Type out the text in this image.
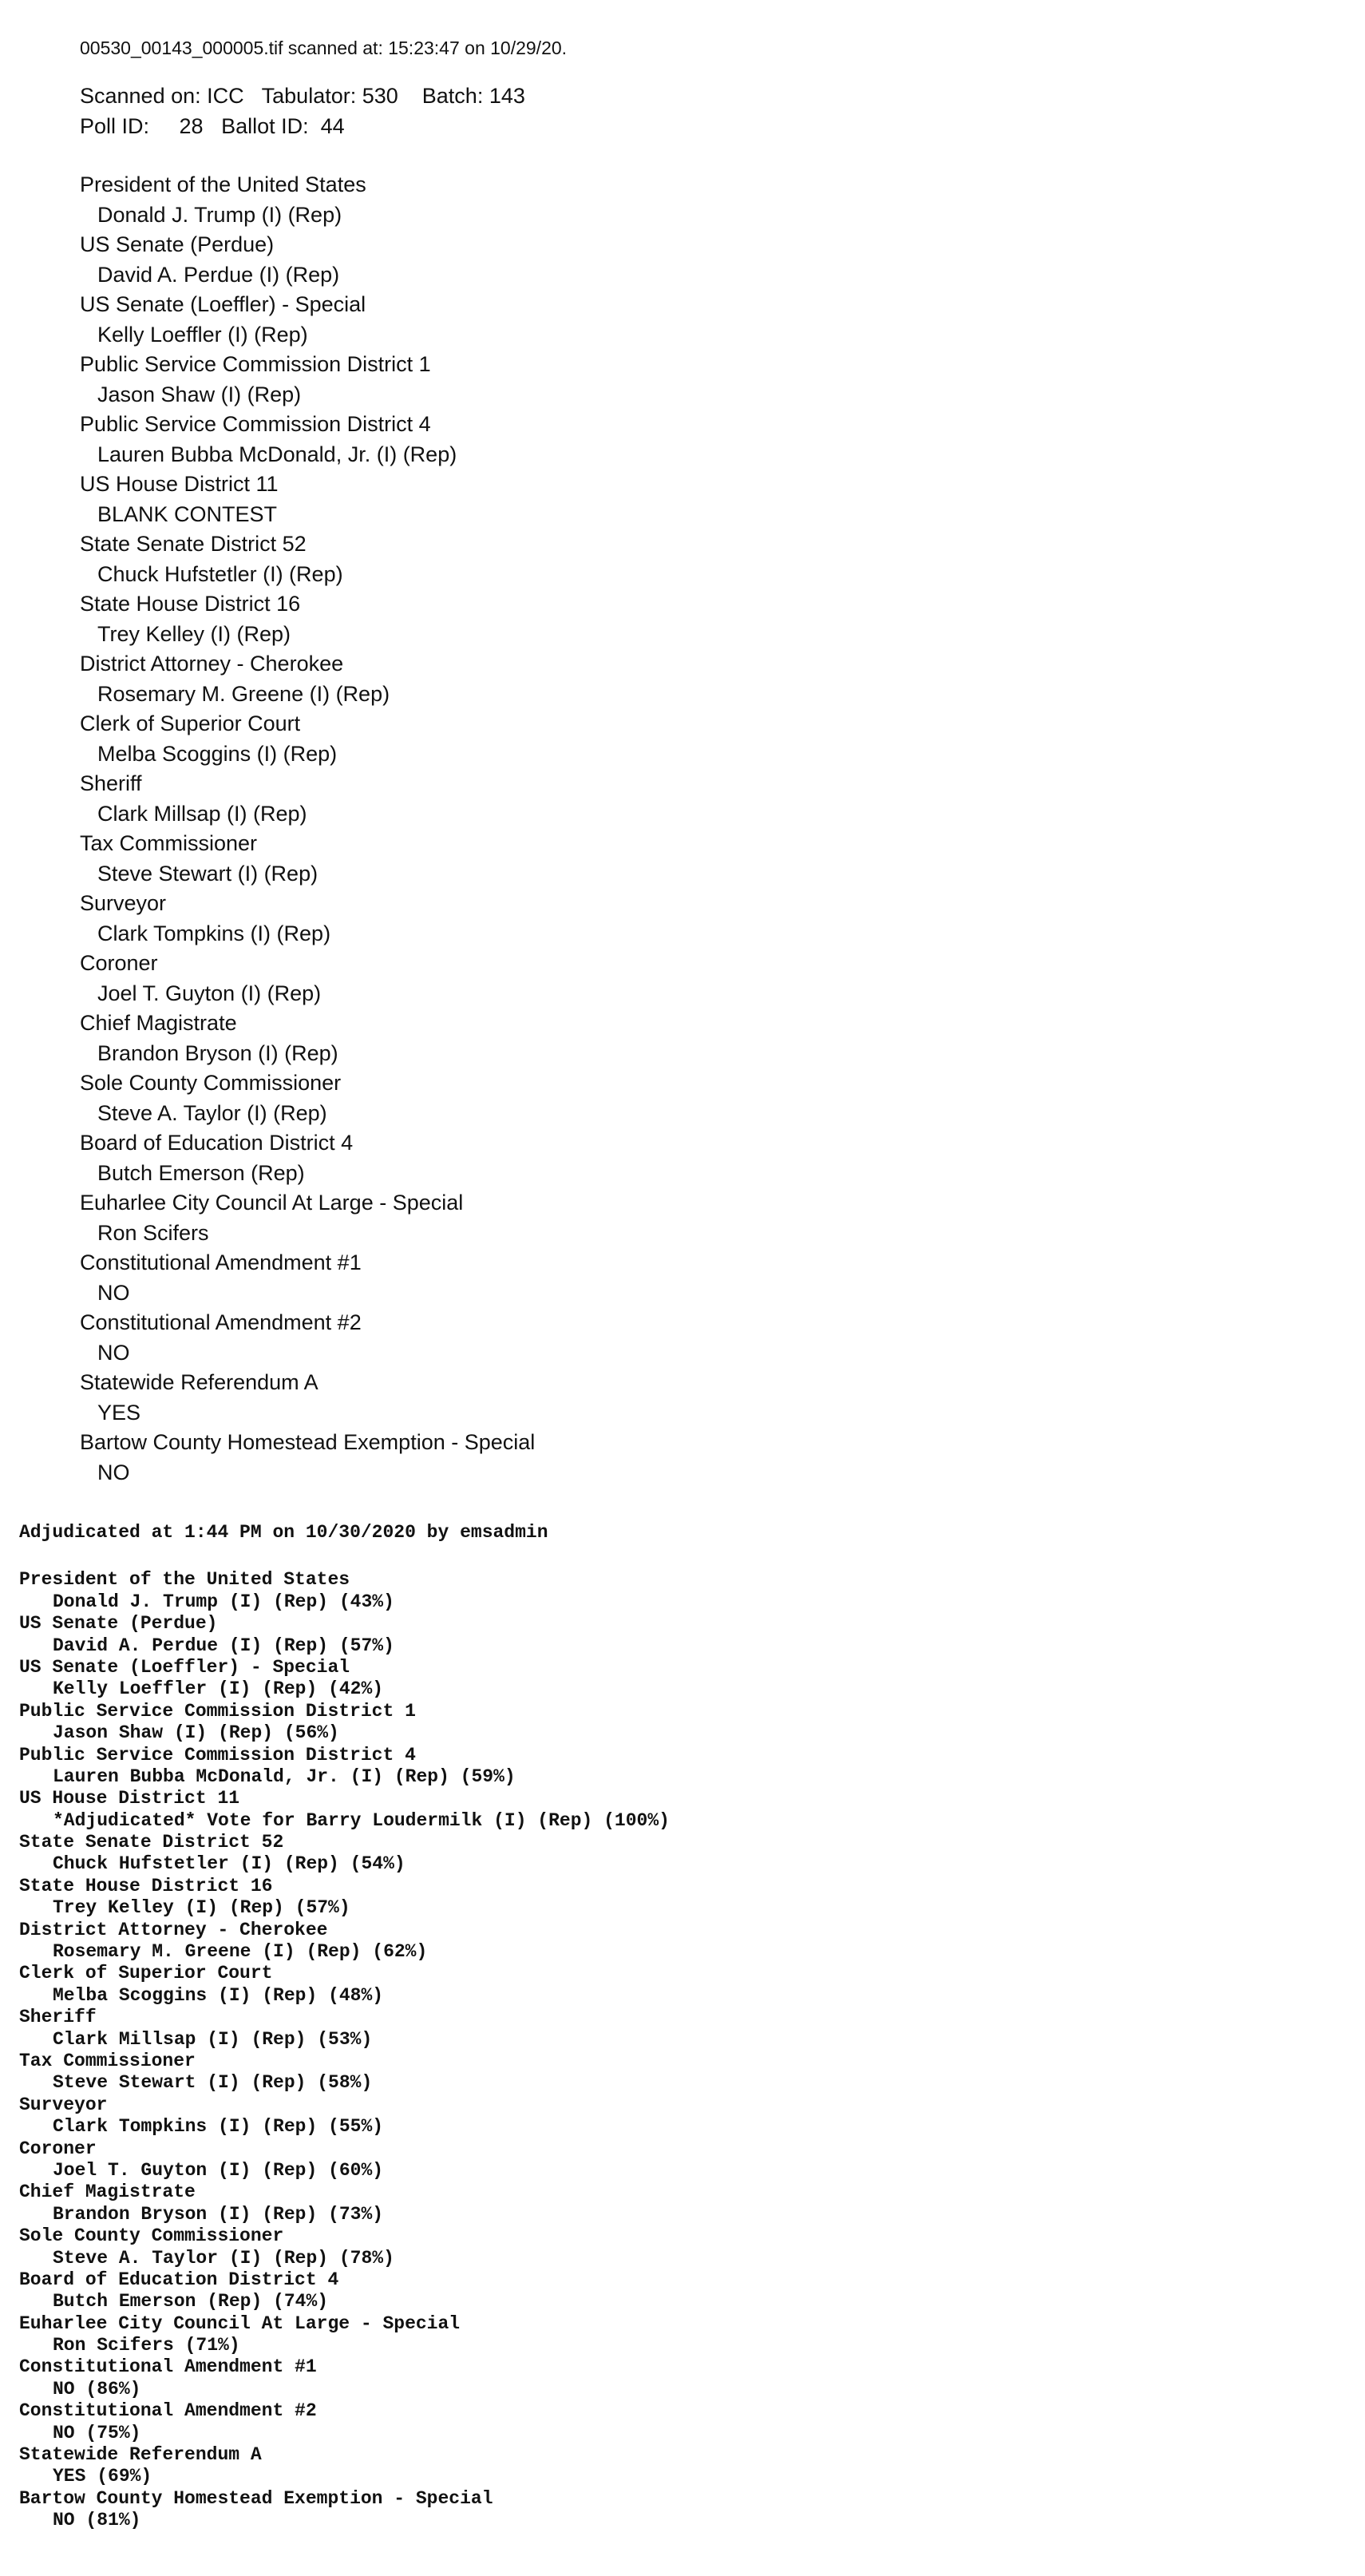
00530_00143_000005.tif scanned at: 15:23:47 on 10/29/20.
Scanned on: ICC   Tabulator: 530    Batch: 143
Poll ID:     28   Ballot ID:  44
President of the United States
Donald J. Trump (I) (Rep)
US Senate (Perdue)
David A. Perdue (I) (Rep)
US Senate (Loeffler) - Special
Kelly Loeffler (I) (Rep)
Public Service Commission District 1
Jason Shaw (I) (Rep)
Public Service Commission District 4
Lauren Bubba McDonald, Jr. (I) (Rep)
US House District 11
BLANK CONTEST
State Senate District 52
Chuck Hufstetler (I) (Rep)
State House District 16
Trey Kelley (I) (Rep)
District Attorney - Cherokee
Rosemary M. Greene (I) (Rep)
Clerk of Superior Court
Melba Scoggins (I) (Rep)
Sheriff
Clark Millsap (I) (Rep)
Tax Commissioner
Steve Stewart (I) (Rep)
Surveyor
Clark Tompkins (I) (Rep)
Coroner
Joel T. Guyton (I) (Rep)
Chief Magistrate
Brandon Bryson (I) (Rep)
Sole County Commissioner
Steve A. Taylor (I) (Rep)
Board of Education District 4
Butch Emerson (Rep)
Euharlee City Council At Large - Special
Ron Scifers
Constitutional Amendment #1
NO
Constitutional Amendment #2
NO
Statewide Referendum A
YES
Bartow County Homestead Exemption - Special
NO
Adjudicated at 1:44 PM on 10/30/2020 by emsadmin
President of the United States
Donald J. Trump (I) (Rep) (43%)
US Senate (Perdue)
David A. Perdue (I) (Rep) (57%)
US Senate (Loeffler) - Special
Kelly Loeffler (I) (Rep) (42%)
Public Service Commission District 1
Jason Shaw (I) (Rep) (56%)
Public Service Commission District 4
Lauren Bubba McDonald, Jr. (I) (Rep) (59%)
US House District 11
*Adjudicated* Vote for Barry Loudermilk (I) (Rep) (100%)
State Senate District 52
Chuck Hufstetler (I) (Rep) (54%)
State House District 16
Trey Kelley (I) (Rep) (57%)
District Attorney - Cherokee
Rosemary M. Greene (I) (Rep) (62%)
Clerk of Superior Court
Melba Scoggins (I) (Rep) (48%)
Sheriff
Clark Millsap (I) (Rep) (53%)
Tax Commissioner
Steve Stewart (I) (Rep) (58%)
Surveyor
Clark Tompkins (I) (Rep) (55%)
Coroner
Joel T. Guyton (I) (Rep) (60%)
Chief Magistrate
Brandon Bryson (I) (Rep) (73%)
Sole County Commissioner
Steve A. Taylor (I) (Rep) (78%)
Board of Education District 4
Butch Emerson (Rep) (74%)
Euharlee City Council At Large - Special
Ron Scifers (71%)
Constitutional Amendment #1
NO (86%)
Constitutional Amendment #2
NO (75%)
Statewide Referendum A
YES (69%)
Bartow County Homestead Exemption - Special
NO (81%)
